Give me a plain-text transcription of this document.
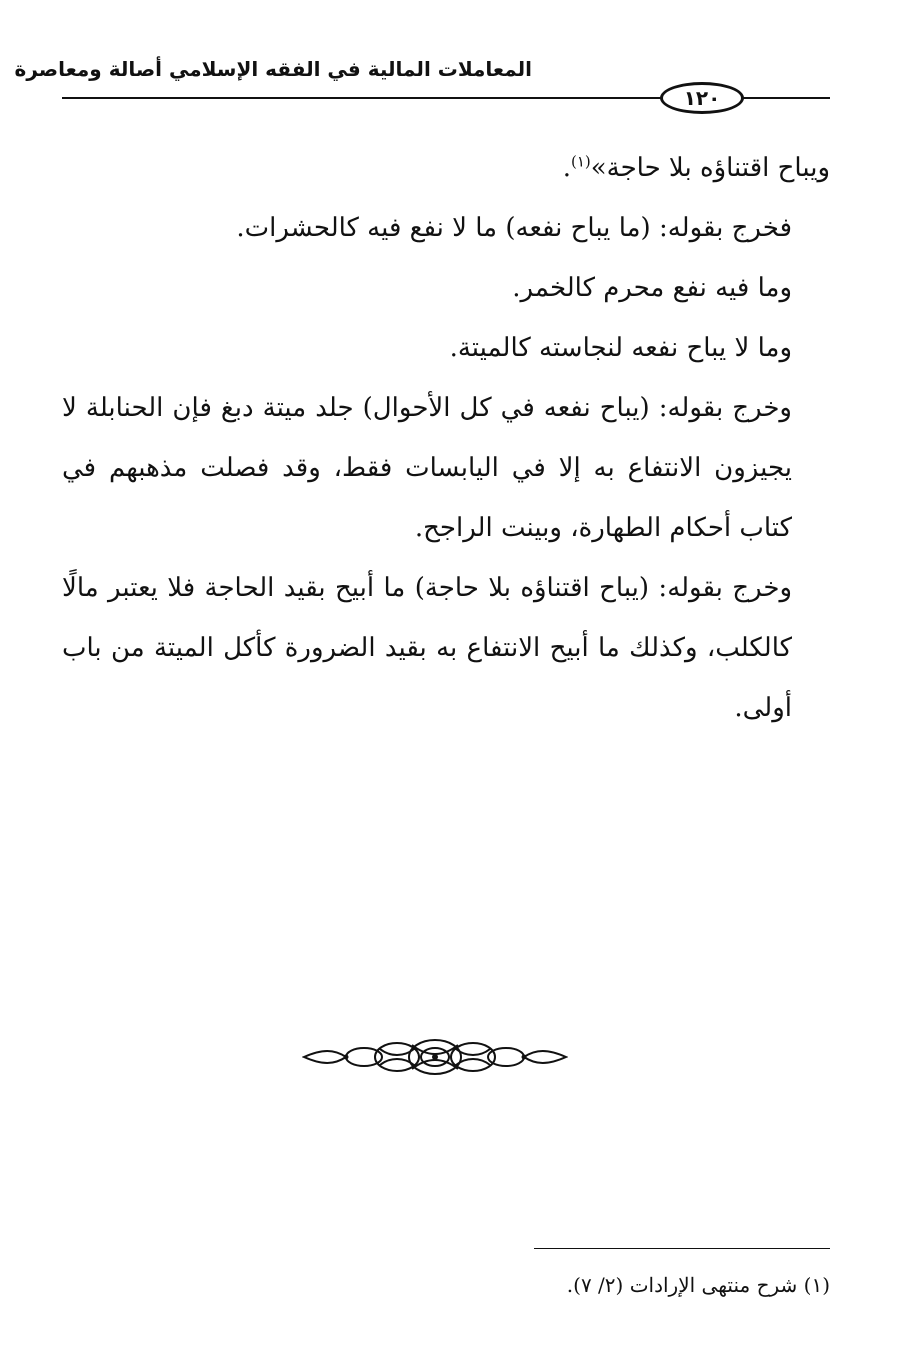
المعاملات المالية في الفقه الإسلامي أصالة ومعاصرة
١٢٠

ويباح اقتناؤه بلا حاجة»$^{(١)}$.

فخرج بقوله: (ما يباح نفعه) ما لا نفع فيه كالحشرات.

وما فيه نفع محرم كالخمر.

وما لا يباح نفعه لنجاسته كالميتة.

وخرج بقوله: (يباح نفعه في كل الأحوال) جلد ميتة دبغ فإن الحنابلة لا يجيزون الانتفاع به إلا في اليابسات فقط، وقد فصلت مذهبهم في كتاب أحكام الطهارة، وبينت الراجح.

وخرج بقوله: (يباح اقتناؤه بلا حاجة) ما أبيح بقيد الحاجة فلا يعتبر مالًا كالكلب، وكذلك ما أبيح الانتفاع به بقيد الضرورة كأكل الميتة من باب أولى.

(١) شرح منتهى الإرادات (٢/ ٧).
